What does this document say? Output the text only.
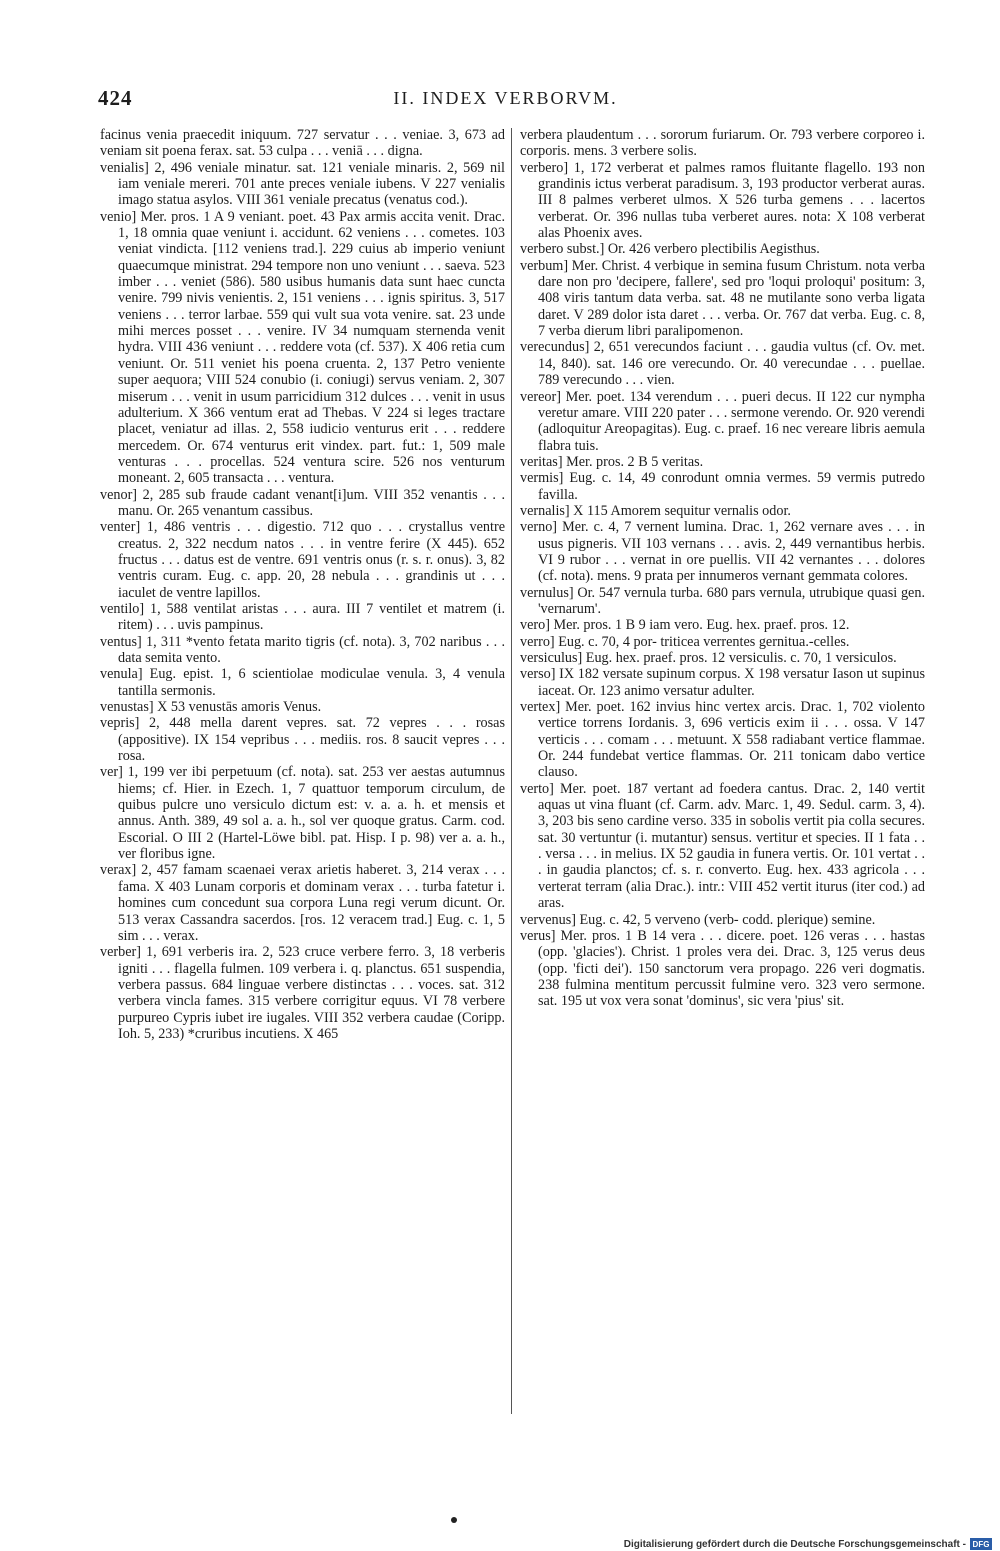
424	II. INDEX VERBORVM.

facinus venia praecedit iniquum. 727 servatur . . . veniae. 3, 673 ad veniam sit poena ferax. sat. 53 culpa . . . veniā . . . digna.

venialis] 2, 496 veniale minatur. sat. 121 veniale minaris. 2, 569 nil iam veniale mereri. 701 ante preces veniale iubens. V 227 venialis imago statua asylos. VIII 361 veniale precatus (venatus cod.).

venio] Mer. pros. 1 A 9 veniant. poet. 43 Pax armis accita venit. Drac. 1, 18 omnia quae veniunt i. accidunt. 62 veniens . . . cometes. 103 veniat vindicta. [112 veniens trad.]. 229 cuius ab imperio veniunt quaecumque ministrat. 294 tempore non uno veniunt . . . saeva. 523 imber . . . veniet (586). 580 usibus humanis data sunt haec cuncta venire. 799 nivis venientis. 2, 151 veniens . . . ignis spiritus. 3, 517 veniens . . . terror larbae. 559 qui vult sua vota venire. sat. 23 unde mihi merces posset . . . venire. IV 34 numquam sternenda venit hydra. VIII 436 veniunt . . . reddere vota (cf. 537). X 406 retia cum veniunt. Or. 511 veniet his poena cruenta. 2, 137 Petro veniente super aequora; VIII 524 conubio (i. coniugi) servus veniam. 2, 307 miserum . . . venit in usum parricidium 312 dulces . . . venit in usus adulterium. X 366 ventum erat ad Thebas. V 224 si leges tractare placet, veniatur ad illas. 2, 558 iudicio venturus erit . . . reddere mercedem. Or. 674 venturus erit vindex. part. fut.: 1, 509 male venturas . . . procellas. 524 ventura scire. 526 nos venturum moneant. 2, 605 transacta . . . ventura.

venor] 2, 285 sub fraude cadant venant[i]um. VIII 352 venantis . . . manu. Or. 265 venantum cassibus.

venter] 1, 486 ventris . . . digestio. 712 quo . . . crystallus ventre creatus. 2, 322 necdum natos . . . in ventre ferire (X 445). 652 fructus . . . datus est de ventre. 691 ventris onus (r. s. r. onus). 3, 82 ventris curam. Eug. c. app. 20, 28 nebula . . . grandinis ut . . . iaculet de ventre lapillos.

ventilo] 1, 588 ventilat aristas . . . aura. III 7 ventilet et matrem (i. ritem) . . . uvis pampinus.

ventus] 1, 311 *vento fetata marito tigris (cf. nota). 3, 702 naribus . . . data semita vento.

venula] Eug. epist. 1, 6 scientiolae modiculae venula. 3, 4 venula tantilla sermonis.

venustas] X 53 venustās amoris Venus.

vepris] 2, 448 mella darent vepres. sat. 72 vepres . . . rosas (appositive). IX 154 vepribus . . . mediis. ros. 8 saucit vepres . . . rosa.

ver] 1, 199 ver ibi perpetuum (cf. nota). sat. 253 ver aestas autumnus hiems; cf. Hier. in Ezech. 1, 7 quattuor temporum circulum, de quibus pulcre uno versiculo dictum est: v. a. a. h. et mensis et annus. Anth. 389, 49 sol a. a. h., sol ver quoque gratus. Carm. cod. Escorial. O III 2 (Hartel-Löwe bibl. pat. Hisp. I p. 98) ver a. a. h., ver floribus igne.

verax] 2, 457 famam scaenaei verax arietis haberet. 3, 214 verax . . . fama. X 403 Lunam corporis et dominam verax . . . turba fatetur i. homines cum concedunt sua corpora Luna regi verum dicunt. Or. 513 verax Cassandra sacerdos. [ros. 12 veracem trad.] Eug. c. 1, 5 sim . . . verax.

verber] 1, 691 verberis ira. 2, 523 cruce verbere ferro. 3, 18 verberis igniti . . . flagella fulmen. 109 verbera i. q. planctus. 651 suspendia, verbera passus. 684 linguae verbere distinctas . . . voces. sat. 312 verbera vincla fames. 315 verbere corrigitur equus. VI 78 verbere purpureo Cypris iubet ire iugales. VIII 352 verbera caudae (Coripp. Ioh. 5, 233) *cruribus incutiens. X 465

verbera plaudentum . . . sororum furiarum. Or. 793 verbere corporeo i. corporis. mens. 3 verbere solis.

verbero] 1, 172 verberat et palmes ramos fluitante flagello. 193 non grandinis ictus verberat paradisum. 3, 193 productor verberat auras. III 8 palmes verberet ulmos. X 526 turba gemens . . . lacertos verberat. Or. 396 nullas tuba verberet aures. nota: X 108 verberat alas Phoenix aves.

verbero subst.] Or. 426 verbero plectibilis Aegisthus.

verbum] Mer. Christ. 4 verbique in semina fusum Christum. nota verba dare non pro 'decipere, fallere', sed pro 'loqui proloqui' positum: 3, 408 viris tantum data verba. sat. 48 ne mutilante sono verba ligata daret. V 289 dolor ista daret . . . verba. Or. 767 dat verba. Eug. c. 8, 7 verba dierum libri paralipomenon.

verecundus] 2, 651 verecundos faciunt . . . gaudia vultus (cf. Ov. met. 14, 840). sat. 146 ore verecundo. Or. 40 verecundae . . . puellae. 789 verecundo . . . vien.

vereor] Mer. poet. 134 verendum . . . pueri decus. II 122 cur nympha veretur amare. VIII 220 pater . . . sermone verendo. Or. 920 verendi (adloquitur Areopagitas). Eug. c. praef. 16 nec vereare libris aemula flabra tuis.

veritas] Mer. pros. 2 B 5 veritas.

vermis] Eug. c. 14, 49 conrodunt omnia vermes. 59 vermis putredo favilla.

vernalis] X 115 Amorem sequitur vernalis odor.

verno] Mer. c. 4, 7 vernent lumina. Drac. 1, 262 vernare aves . . . in usus pigneris. VII 103 vernans . . . avis. 2, 449 vernantibus herbis. VI 9 rubor . . . vernat in ore puellis. VII 42 vernantes . . . dolores (cf. nota). mens. 9 prata per innumeros vernant gemmata colores.

vernulus] Or. 547 vernula turba. 680 pars vernula, utrubique quasi gen. 'vernarum'.

vero] Mer. pros. 1 B 9 iam vero. Eug. hex. praef. pros. 12.

verro] Eug. c. 70, 4 por- triticea verrentes gernitua.-celles.

versiculus] Eug. hex. praef. pros. 12 versiculis. c. 70, 1 versiculos.

verso] IX 182 versate supinum corpus. X 198 versatur Iason ut supinus iaceat. Or. 123 animo versatur adulter.

vertex] Mer. poet. 162 invius hinc vertex arcis. Drac. 1, 702 violento vertice torrens Iordanis. 3, 696 verticis exim ii . . . ossa. V 147 verticis . . . comam . . . metuunt. X 558 radiabant vertice flammae. Or. 244 fundebat vertice flammas. Or. 211 tonicam dabo vertice clauso.

verto] Mer. poet. 187 vertant ad foedera cantus. Drac. 2, 140 vertit aquas ut vina fluant (cf. Carm. adv. Marc. 1, 49. Sedul. carm. 3, 4). 3, 203 bis seno cardine verso. 335 in sobolis vertit pia colla secures. sat. 30 vertuntur (i. mutantur) sensus. vertitur et species. II 1 fata . . . versa . . . in melius. IX 52 gaudia in funera vertis. Or. 101 vertat . . . in gaudia planctos; cf. s. r. converto. Eug. hex. 433 agricola . . . verterat terram (alia Drac.). intr.: VIII 452 vertit iturus (iter cod.) ad aras.

vervenus] Eug. c. 42, 5 verveno (verb- codd. plerique) semine.

verus] Mer. pros. 1 B 14 vera . . . dicere. poet. 126 veras . . . hastas (opp. 'glacies'). Christ. 1 proles vera dei. Drac. 3, 125 verus deus (opp. 'ficti dei'). 150 sanctorum vera propago. 226 veri dogmatis. 238 fulmina mentitum percussit fulmine vero. 323 vero sermone. sat. 195 ut vox vera sonat 'dominus', sic vera 'pius' sit.

Digitalisierung gefördert durch die Deutsche Forschungsgemeinschaft - DFG
